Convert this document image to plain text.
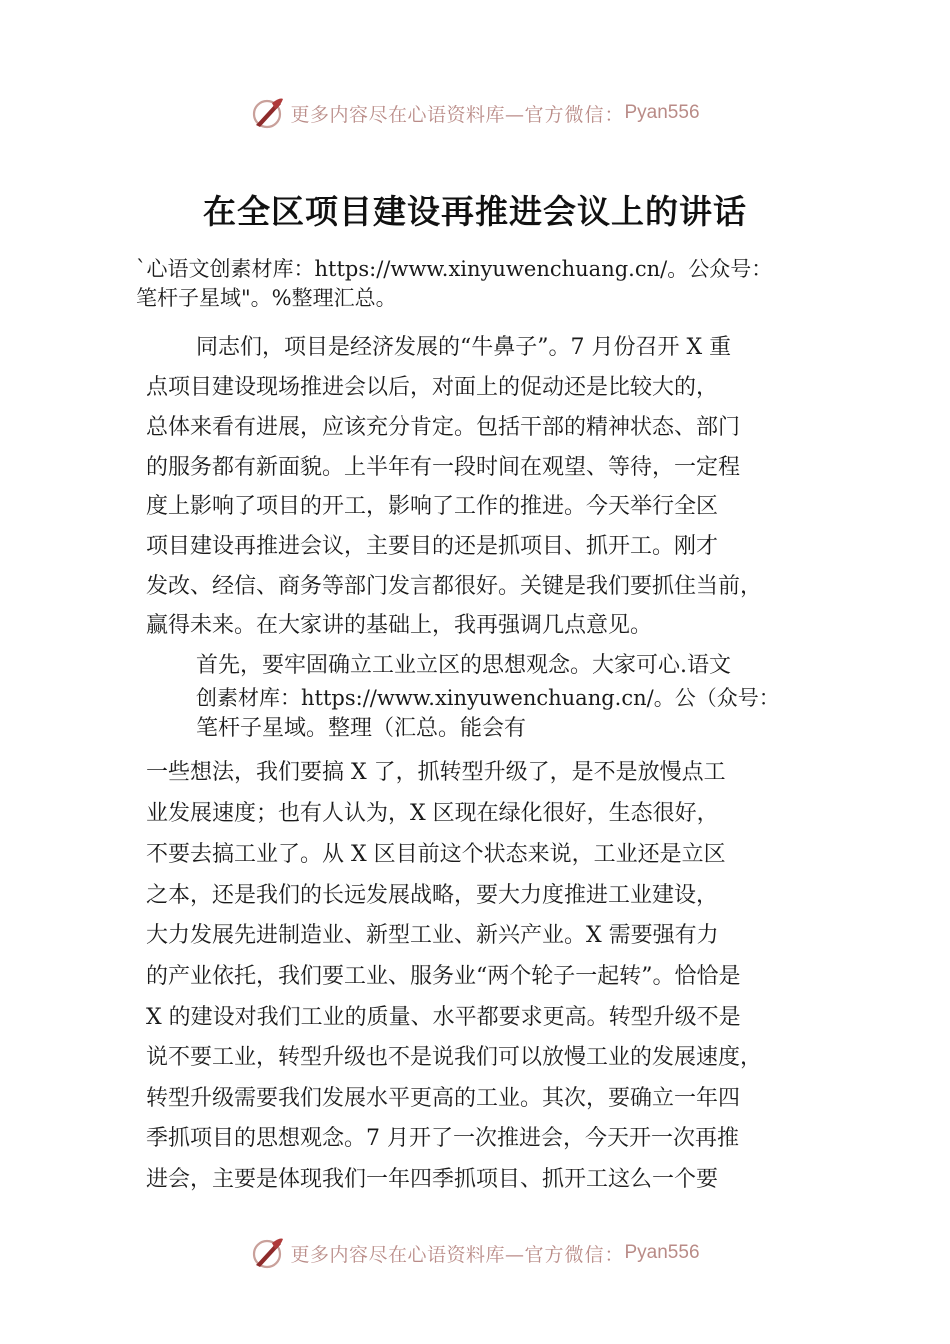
更多内容尽在心语资料库— 官方微信： Pyan556
在全区项目建设再推进会议上的讲话
`心语文创素材库：https://www.xinyuwenchuang.cn/。公众号：
笔杆子星域"。%整理汇总。
同志们，项目是经济发展的“牛鼻子”。7 月份召开 X 重
点项目建设现场推进会以后，对面上的促动还是比较大的，
总体来看有进展，应该充分肯定。包括干部的精神状态、部门
的服务都有新面貌。上半年有一段时间在观望、等待，一定程
度上影响了项目的开工，影响了工作的推进。今天举行全区
项目建设再推进会议，主要目的还是抓项目、抓开工。刚才
发改、经信、商务等部门发言都很好。关键是我们要抓住当前，
赢得未来。在大家讲的基础上，我再强调几点意见。
首先，要牢固确立工业立区的思想观念。大家可心.语文
创素材库：https://www.xinyuwenchuang.cn/。公（众号：
笔杆子星域。整理（汇总。能会有
一些想法，我们要搞 X 了，抓转型升级了，是不是放慢点工
业发展速度；也有人认为，X 区现在绿化很好，生态很好，
不要去搞工业了。从 X 区目前这个状态来说，工业还是立区
之本，还是我们的长远发展战略，要大力度推进工业建设，
大力发展先进制造业、新型工业、新兴产业。X 需要强有力
的产业依托，我们要工业、服务业“两个轮子一起转”。恰恰是
X 的建设对我们工业的质量、水平都要求更高。转型升级不是
说不要工业，转型升级也不是说我们可以放慢工业的发展速度，
转型升级需要我们发展水平更高的工业。其次，要确立一年四
季抓项目的思想观念。7 月开了一次推进会，今天开一次再推
进会，主要是体现我们一年四季抓项目、抓开工这么一个要
更多内容尽在心语资料库— 官方微信： Pyan556
